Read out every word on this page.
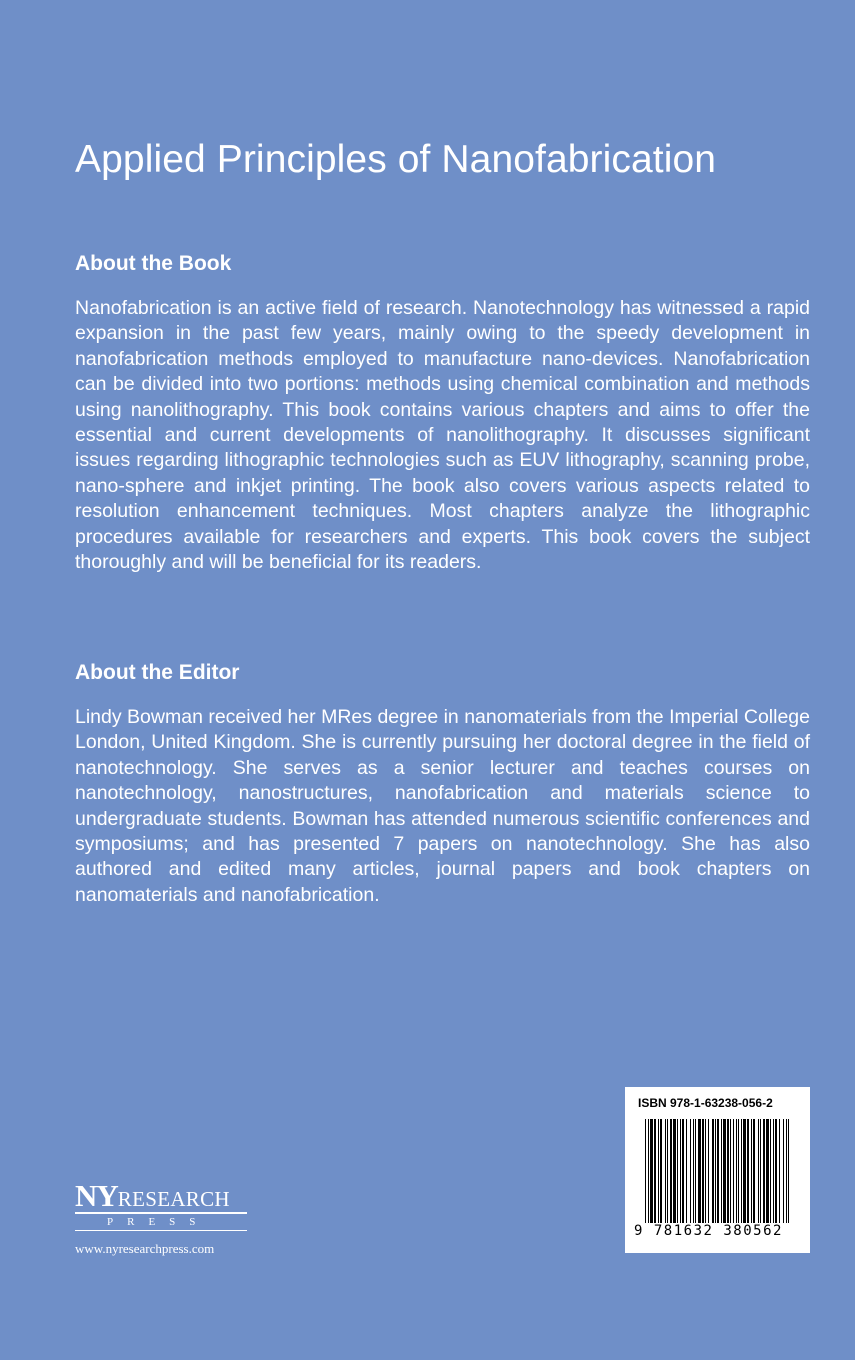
Applied Principles of Nanofabrication
About the Book

Nanofabrication is an active field of research. Nanotechnology has witnessed a rapid expansion in the past few years, mainly owing to the speedy development in nanofabrication methods employed to manufacture nano-devices. Nanofabrication can be divided into two portions: methods using chemical combination and methods using nanolithography. This book contains various chapters and aims to offer the essential and current developments of nanolithography. It discusses significant issues regarding lithographic technologies such as EUV lithography, scanning probe, nano-sphere and inkjet printing. The book also covers various aspects related to resolution enhancement techniques. Most chapters analyze the lithographic procedures available for researchers and experts. This book covers the subject thoroughly and will be beneficial for its readers.

About the Editor

Lindy Bowman received her MRes degree in nanomaterials from the Imperial College London, United Kingdom. She is currently pursuing her doctoral degree in the field of nanotechnology. She serves as a senior lecturer and teaches courses on nanotechnology, nanostructures, nanofabrication and materials science to undergraduate students. Bowman has attended numerous scientific conferences and symposiums; and has presented 7 papers on nanotechnology. She has also authored and edited many articles, journal papers and book chapters on nanomaterials and nanofabrication.

ISBN 978-1-63238-056-2
9 781632 380562
NYRESEARCH
PRESS
www.nyresearchpress.com
